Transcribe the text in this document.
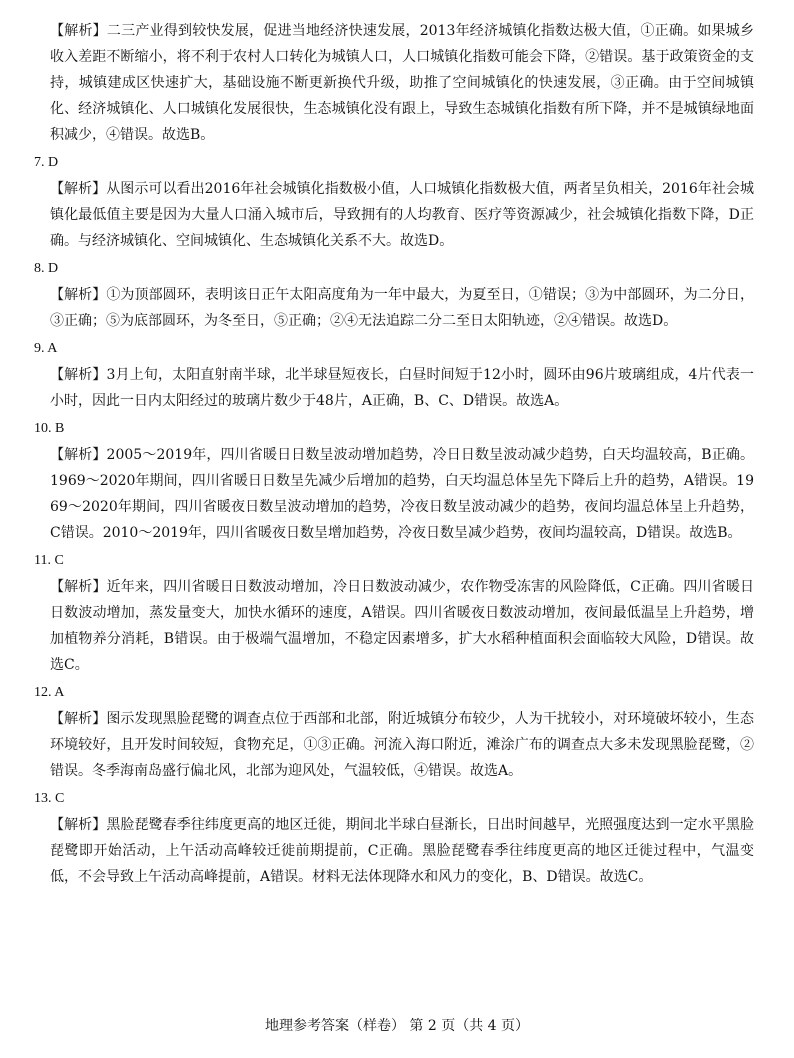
【解析】二三产业得到较快发展，促进当地经济快速发展，2013年经济城镇化指数达极大值，①正确。如果城乡收入差距不断缩小，将不利于农村人口转化为城镇人口，人口城镇化指数可能会下降，②错误。基于政策资金的支持，城镇建成区快速扩大，基础设施不断更新换代升级，助推了空间城镇化的快速发展，③正确。由于空间城镇化、经济城镇化、人口城镇化发展很快，生态城镇化没有跟上，导致生态城镇化指数有所下降，并不是城镇绿地面积减少，④错误。故选B。

7. D

【解析】从图示可以看出2016年社会城镇化指数极小值，人口城镇化指数极大值，两者呈负相关，2016年社会城镇化最低值主要是因为大量人口涌入城市后，导致拥有的人均教育、医疗等资源减少，社会城镇化指数下降，D正确。与经济城镇化、空间城镇化、生态城镇化关系不大。故选D。

8. D

【解析】①为顶部圆环，表明该日正午太阳高度角为一年中最大，为夏至日，①错误；③为中部圆环，为二分日，③正确；⑤为底部圆环，为冬至日，⑤正确；②④无法追踪二分二至日太阳轨迹，②④错误。故选D。

9. A

【解析】3月上旬，太阳直射南半球，北半球昼短夜长，白昼时间短于12小时，圆环由96片玻璃组成，4片代表一小时，因此一日内太阳经过的玻璃片数少于48片，A正确，B、C、D错误。故选A。

10. B

【解析】2005～2019年，四川省暖日日数呈波动增加趋势，冷日日数呈波动减少趋势，白天均温较高，B正确。1969～2020年期间，四川省暖日日数呈先减少后增加的趋势，白天均温总体呈先下降后上升的趋势，A错误。1969～2020年期间，四川省暖夜日数呈波动增加的趋势，冷夜日数呈波动减少的趋势，夜间均温总体呈上升趋势，C错误。2010～2019年，四川省暖夜日数呈增加趋势，冷夜日数呈减少趋势，夜间均温较高，D错误。故选B。

11. C

【解析】近年来，四川省暖日日数波动增加，冷日日数波动减少，农作物受冻害的风险降低，C正确。四川省暖日日数波动增加，蒸发量变大，加快水循环的速度，A错误。四川省暖夜日数波动增加，夜间最低温呈上升趋势，增加植物养分消耗，B错误。由于极端气温增加，不稳定因素增多，扩大水稻种植面积会面临较大风险，D错误。故选C。

12. A

【解析】图示发现黑脸琵鹭的调查点位于西部和北部，附近城镇分布较少，人为干扰较小，对环境破坏较小，生态环境较好，且开发时间较短，食物充足，①③正确。河流入海口附近，滩涂广布的调查点大多未发现黑脸琵鹭，②错误。冬季海南岛盛行偏北风，北部为迎风处，气温较低，④错误。故选A。

13. C

【解析】黑脸琵鹭春季往纬度更高的地区迁徙，期间北半球白昼渐长，日出时间越早，光照强度达到一定水平黑脸琵鹭即开始活动，上午活动高峰较迁徙前期提前，C正确。黑脸琵鹭春季往纬度更高的地区迁徙过程中，气温变低，不会导致上午活动高峰提前，A错误。材料无法体现降水和风力的变化，B、D错误。故选C。

地理参考答案（样卷） 第 2 页（共 4 页）
